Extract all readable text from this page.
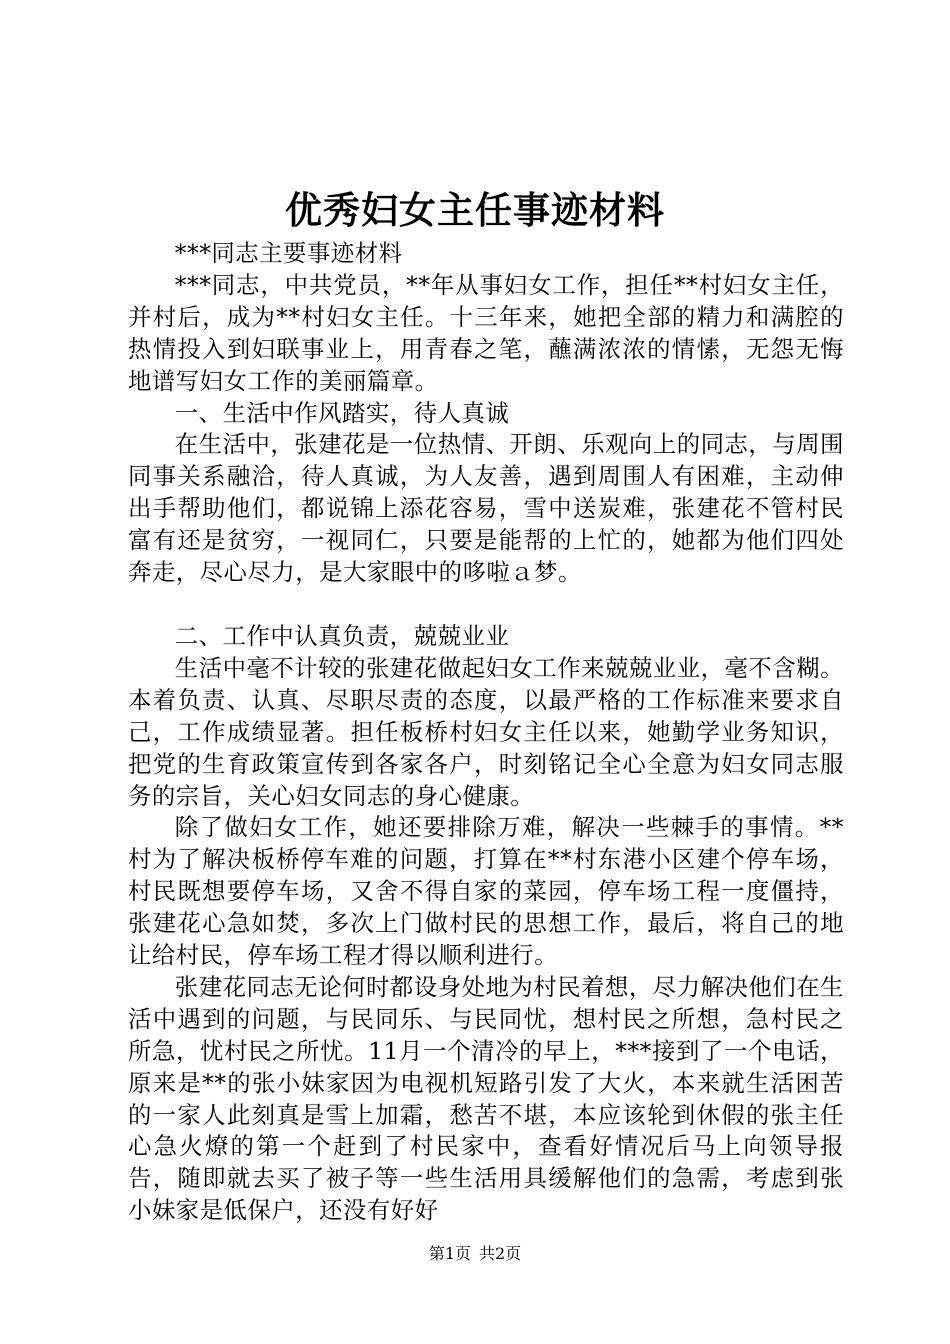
优秀妇女主任事迹材料

***同志主要事迹材料

***同志，中共党员，**年从事妇女工作，担任**村妇女主任，并村后，成为**村妇女主任。十三年来，她把全部的精力和满腔的热情投入到妇联事业上，用青春之笔，蘸满浓浓的情愫，无怨无悔地谱写妇女工作的美丽篇章。

一、生活中作风踏实，待人真诚

在生活中，张建花是一位热情、开朗、乐观向上的同志，与周围同事关系融洽，待人真诚，为人友善，遇到周围人有困难，主动伸出手帮助他们，都说锦上添花容易，雪中送炭难，张建花不管村民富有还是贫穷，一视同仁，只要是能帮的上忙的，她都为他们四处奔走，尽心尽力，是大家眼中的哆啦ａ梦。

二、工作中认真负责，兢兢业业

生活中毫不计较的张建花做起妇女工作来兢兢业业，毫不含糊。本着负责、认真、尽职尽责的态度，以最严格的工作标准来要求自己，工作成绩显著。担任板桥村妇女主任以来，她勤学业务知识，把党的生育政策宣传到各家各户，时刻铭记全心全意为妇女同志服务的宗旨，关心妇女同志的身心健康。

除了做妇女工作，她还要排除万难，解决一些棘手的事情。**村为了解决板桥停车难的问题，打算在**村东港小区建个停车场，村民既想要停车场，又舍不得自家的菜园，停车场工程一度僵持，张建花心急如焚，多次上门做村民的思想工作，最后，将自己的地让给村民，停车场工程才得以顺利进行。

张建花同志无论何时都设身处地为村民着想，尽力解决他们在生活中遇到的问题，与民同乐、与民同忧，想村民之所想，急村民之所急，忧村民之所忧。11月一个清冷的早上，***接到了一个电话，原来是**的张小妹家因为电视机短路引发了大火，本来就生活困苦的一家人此刻真是雪上加霜，愁苦不堪，本应该轮到休假的张主任心急火燎的第一个赶到了村民家中，查看好情况后马上向领导报告，随即就去买了被子等一些生活用具缓解他们的急需，考虑到张小妹家是低保户，还没有好好

第1页 共2页
